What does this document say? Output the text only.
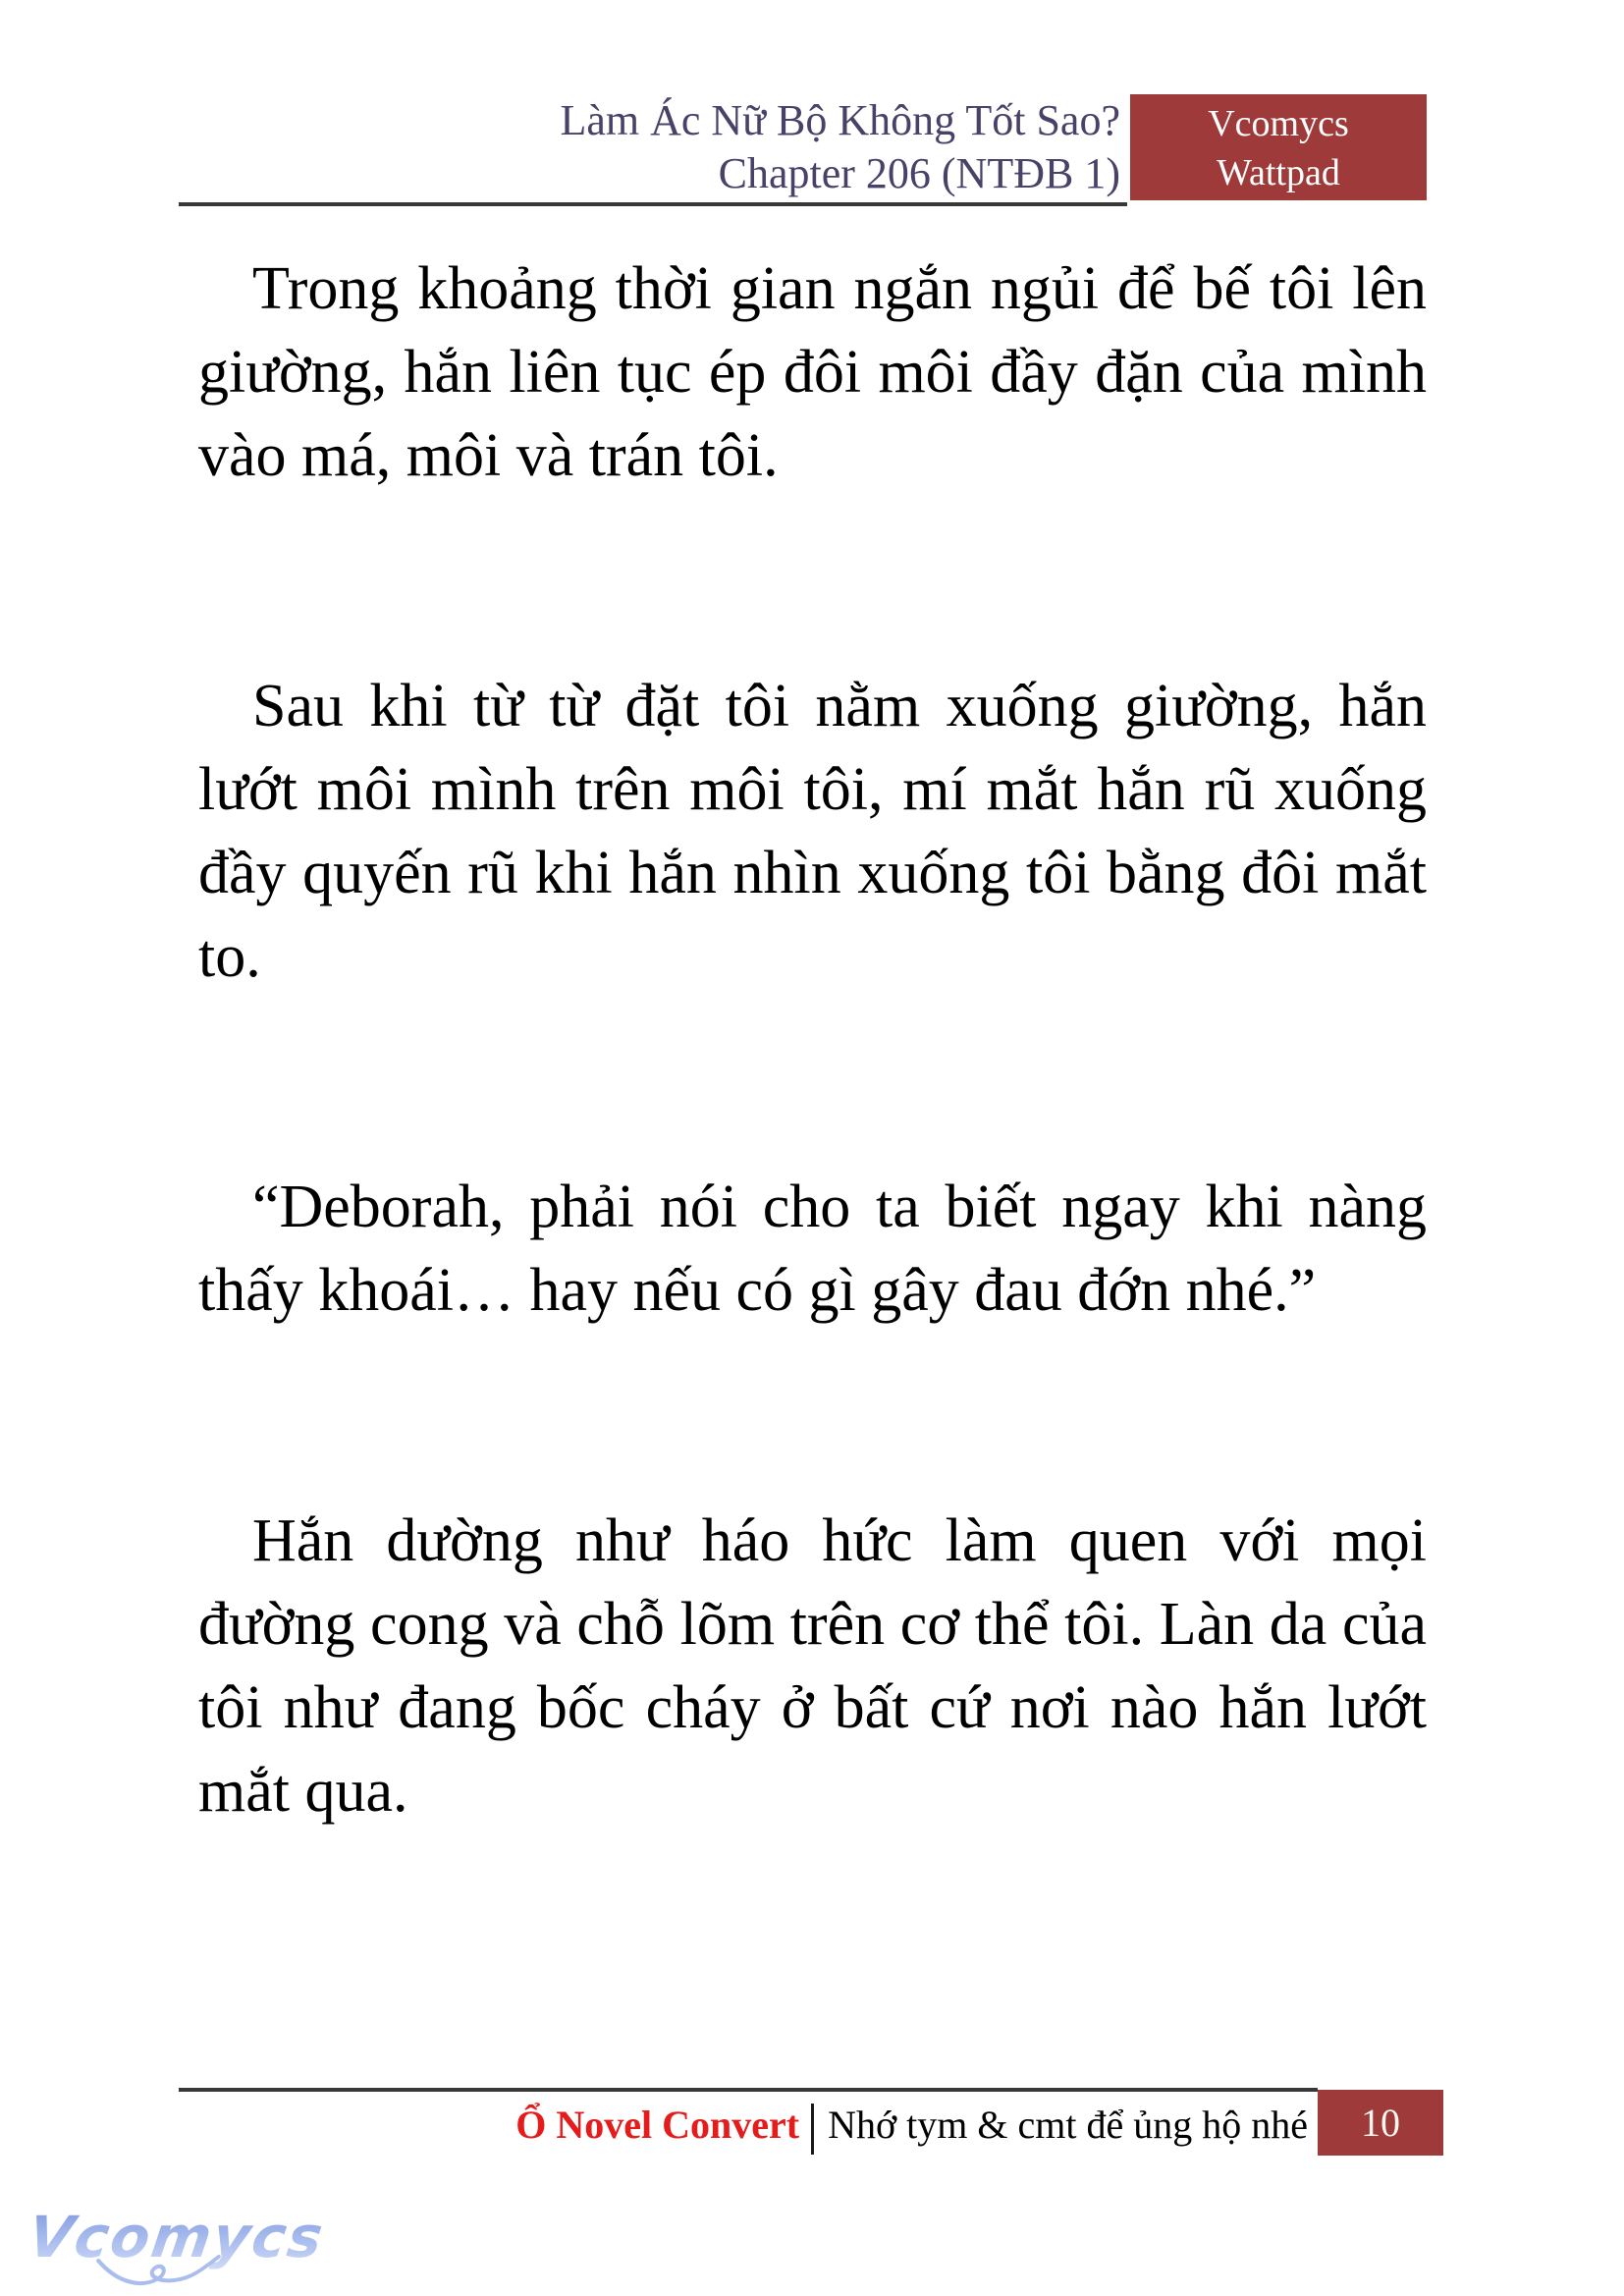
Làm Ác Nữ Bộ Không Tốt Sao?
Chapter 206 (NTĐB 1)
Vcomycs
Wattpad

Trong khoảng thời gian ngắn ngủi để bế tôi lên giường, hắn liên tục ép đôi môi đầy đặn của mình vào má, môi và trán tôi.

Sau khi từ từ đặt tôi nằm xuống giường, hắn lướt môi mình trên môi tôi, mí mắt hắn rũ xuống đầy quyến rũ khi hắn nhìn xuống tôi bằng đôi mắt to.

“Deborah, phải nói cho ta biết ngay khi nàng thấy khoái… hay nếu có gì gây đau đớn nhé.”

Hắn dường như háo hức làm quen với mọi đường cong và chỗ lõm trên cơ thể tôi. Làn da của tôi như đang bốc cháy ở bất cứ nơi nào hắn lướt mắt qua.

Ổ Novel Convert Nhớ tym & cmt để ủng hộ nhé 10
Vcomycs
